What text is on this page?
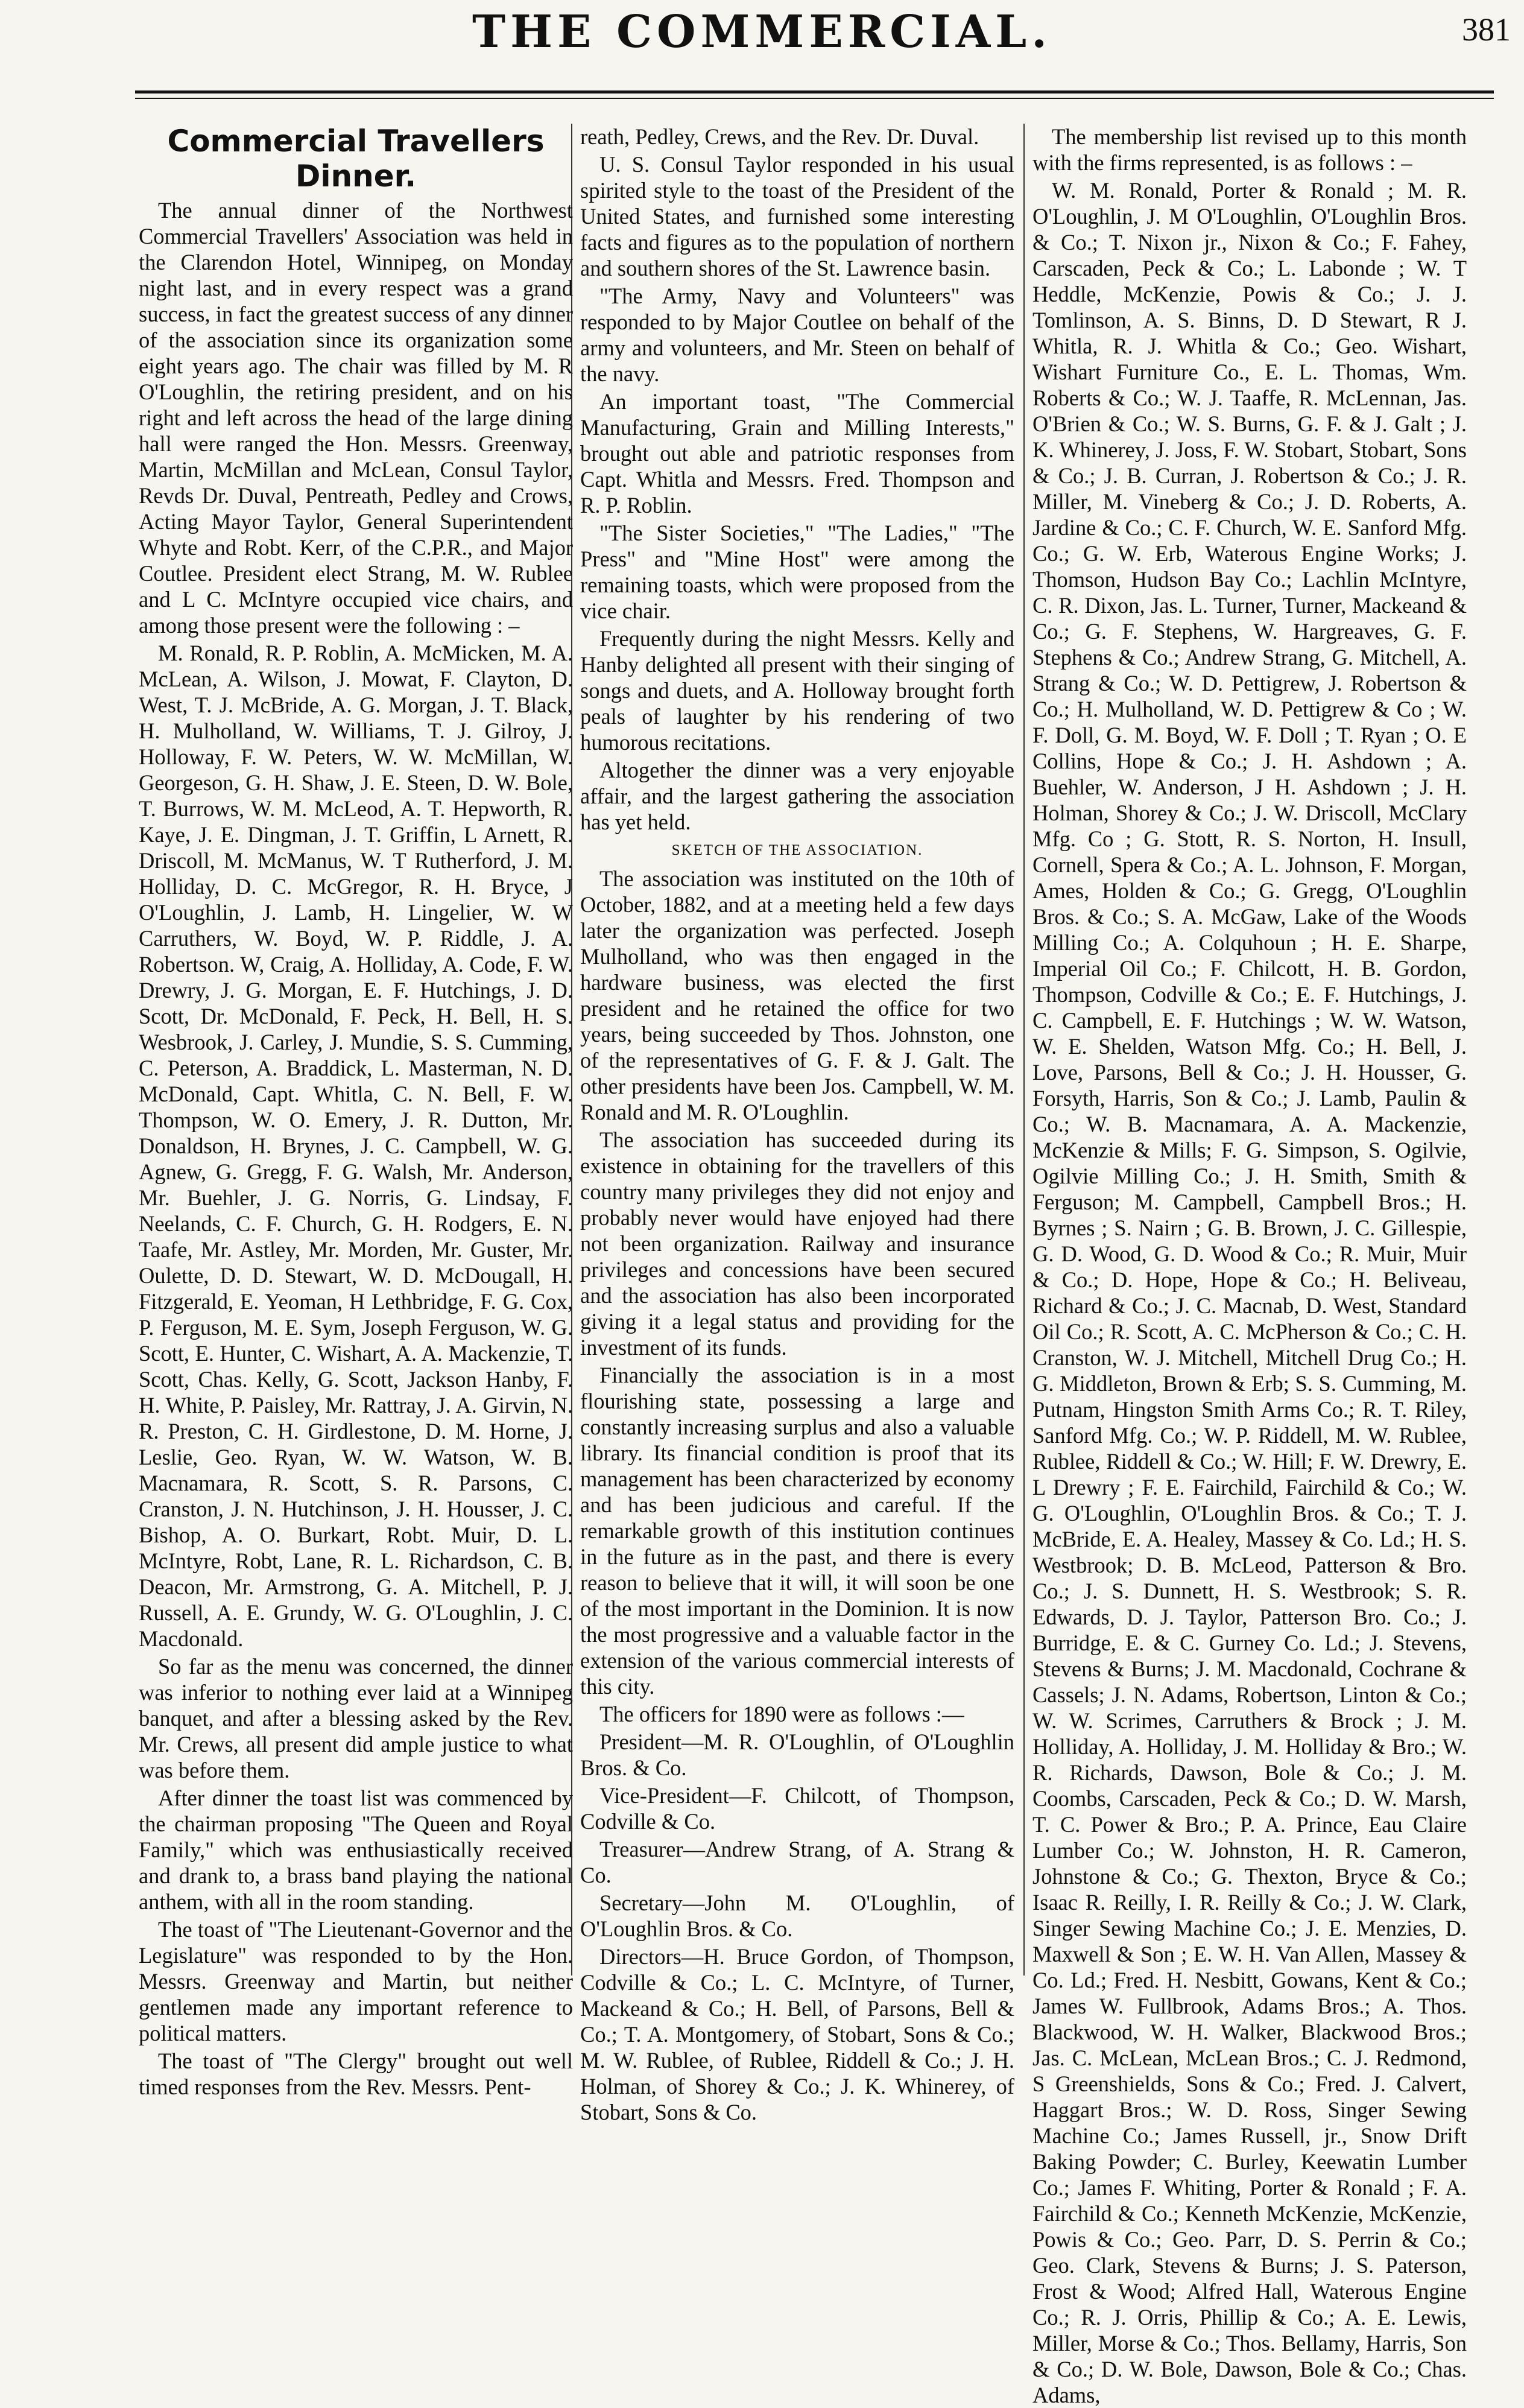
THE COMMERCIAL.	381
Commercial Travellers Dinner.

The annual dinner of the Northwest Commercial Travellers' Association was held in the Clarendon Hotel, Winnipeg, on Monday night last, and in every respect was a grand success, in fact the greatest success of any dinner of the association since its organization some eight years ago. The chair was filled by M. R O'Loughlin, the retiring president, and on his right and left across the head of the large dining hall were ranged the Hon. Messrs. Greenway, Martin, McMillan and McLean, Consul Taylor, Revds Dr. Duval, Pentreath, Pedley and Crows, Acting Mayor Taylor, General Superintendent Whyte and Robt. Kerr, of the C.P.R., and Major Coutlee. President elect Strang, M. W. Rublee and L C. McIntyre occupied vice chairs, and among those present were the following : –

M. Ronald, R. P. Roblin, A. McMicken, M. A. McLean, A. Wilson, J. Mowat, F. Clayton, D. West, T. J. McBride, A. G. Morgan, J. T. Black, H. Mulholland, W. Williams, T. J. Gilroy, J. Holloway, F. W. Peters, W. W. McMillan, W. Georgeson, G. H. Shaw, J. E. Steen, D. W. Bole, T. Burrows, W. M. McLeod, A. T. Hepworth, R. Kaye, J. E. Dingman, J. T. Griffin, L Arnett, R. Driscoll, M. McManus, W. T Rutherford, J. M. Holliday, D. C. McGregor, R. H. Bryce, J O'Loughlin, J. Lamb, H. Lingelier, W. W Carruthers, W. Boyd, W. P. Riddle, J. A. Robertson. W, Craig, A. Holliday, A. Code, F. W. Drewry, J. G. Morgan, E. F. Hutchings, J. D. Scott, Dr. McDonald, F. Peck, H. Bell, H. S. Wesbrook, J. Carley, J. Mundie, S. S. Cumming, C. Peterson, A. Braddick, L. Masterman, N. D. McDonald, Capt. Whitla, C. N. Bell, F. W. Thompson, W. O. Emery, J. R. Dutton, Mr. Donaldson, H. Brynes, J. C. Campbell, W. G. Agnew, G. Gregg, F. G. Walsh, Mr. Anderson, Mr. Buehler, J. G. Norris, G. Lindsay, F. Neelands, C. F. Church, G. H. Rodgers, E. N. Taafe, Mr. Astley, Mr. Morden, Mr. Guster, Mr. Oulette, D. D. Stewart, W. D. McDougall, H. Fitzgerald, E. Yeoman, H Lethbridge, F. G. Cox, P. Ferguson, M. E. Sym, Joseph Ferguson, W. G. Scott, E. Hunter, C. Wishart, A. A. Mackenzie, T. Scott, Chas. Kelly, G. Scott, Jackson Hanby, F. H. White, P. Paisley, Mr. Rattray, J. A. Girvin, N. R. Preston, C. H. Girdlestone, D. M. Horne, J. Leslie, Geo. Ryan, W. W. Watson, W. B. Macnamara, R. Scott, S. R. Parsons, C. Cranston, J. N. Hutchinson, J. H. Housser, J. C. Bishop, A. O. Burkart, Robt. Muir, D. L. McIntyre, Robt, Lane, R. L. Richardson, C. B. Deacon, Mr. Armstrong, G. A. Mitchell, P. J. Russell, A. E. Grundy, W. G. O'Loughlin, J. C. Macdonald.

So far as the menu was concerned, the dinner was inferior to nothing ever laid at a Winnipeg banquet, and after a blessing asked by the Rev. Mr. Crews, all present did ample justice to what was before them.

After dinner the toast list was commenced by the chairman proposing "The Queen and Royal Family," which was enthusiastically received and drank to, a brass band playing the national anthem, with all in the room standing.

The toast of "The Lieutenant-Governor and the Legislature" was responded to by the Hon. Messrs. Greenway and Martin, but neither gentlemen made any important reference to political matters.

The toast of "The Clergy" brought out well timed responses from the Rev. Messrs. Pent-

reath, Pedley, Crews, and the Rev. Dr. Duval.

U. S. Consul Taylor responded in his usual spirited style to the toast of the President of the United States, and furnished some interesting facts and figures as to the population of northern and southern shores of the St. Lawrence basin.

"The Army, Navy and Volunteers" was responded to by Major Coutlee on behalf of the army and volunteers, and Mr. Steen on behalf of the navy.

An important toast, "The Commercial Manufacturing, Grain and Milling Interests," brought out able and patriotic responses from Capt. Whitla and Messrs. Fred. Thompson and R. P. Roblin.

"The Sister Societies," "The Ladies," "The Press" and "Mine Host" were among the remaining toasts, which were proposed from the vice chair.

Frequently during the night Messrs. Kelly and Hanby delighted all present with their singing of songs and duets, and A. Holloway brought forth peals of laughter by his rendering of two humorous recitations.

Altogether the dinner was a very enjoyable affair, and the largest gathering the association has yet held.

SKETCH OF THE ASSOCIATION.

The association was instituted on the 10th of October, 1882, and at a meeting held a few days later the organization was perfected. Joseph Mulholland, who was then engaged in the hardware business, was elected the first president and he retained the office for two years, being succeeded by Thos. Johnston, one of the representatives of G. F. & J. Galt. The other presidents have been Jos. Campbell, W. M. Ronald and M. R. O'Loughlin.

The association has succeeded during its existence in obtaining for the travellers of this country many privileges they did not enjoy and probably never would have enjoyed had there not been organization. Railway and insurance privileges and concessions have been secured and the association has also been incorporated giving it a legal status and providing for the investment of its funds.

Financially the association is in a most flourishing state, possessing a large and constantly increasing surplus and also a valuable library. Its financial condition is proof that its management has been characterized by economy and has been judicious and careful. If the remarkable growth of this institution continues in the future as in the past, and there is every reason to believe that it will, it will soon be one of the most important in the Dominion. It is now the most progressive and a valuable factor in the extension of the various commercial interests of this city.

The officers for 1890 were as follows :—

President—M. R. O'Loughlin, of O'Loughlin Bros. & Co.

Vice-President—F. Chilcott, of Thompson, Codville & Co.

Treasurer—Andrew Strang, of A. Strang & Co.

Secretary—John M. O'Loughlin, of O'Loughlin Bros. & Co.

Directors—H. Bruce Gordon, of Thompson, Codville & Co.; L. C. McIntyre, of Turner, Mackeand & Co.; H. Bell, of Parsons, Bell & Co.; T. A. Montgomery, of Stobart, Sons & Co.; M. W. Rublee, of Rublee, Riddell & Co.; J. H. Holman, of Shorey & Co.; J. K. Whinerey, of Stobart, Sons & Co.

The membership list revised up to this month with the firms represented, is as follows : –

W. M. Ronald, Porter & Ronald ; M. R. O'Loughlin, J. M O'Loughlin, O'Loughlin Bros. & Co.; T. Nixon jr., Nixon & Co.; F. Fahey, Carscaden, Peck & Co.; L. Labonde ; W. T Heddle, McKenzie, Powis & Co.; J. J. Tomlinson, A. S. Binns, D. D Stewart, R J. Whitla, R. J. Whitla & Co.; Geo. Wishart, Wishart Furniture Co., E. L. Thomas, Wm. Roberts & Co.; W. J. Taaffe, R. McLennan, Jas. O'Brien & Co.; W. S. Burns, G. F. & J. Galt ; J. K. Whinerey, J. Joss, F. W. Stobart, Stobart, Sons & Co.; J. B. Curran, J. Robertson & Co.; J. R. Miller, M. Vineberg & Co.; J. D. Roberts, A. Jardine & Co.; C. F. Church, W. E. Sanford Mfg. Co.; G. W. Erb, Waterous Engine Works; J. Thomson, Hudson Bay Co.; Lachlin McIntyre, C. R. Dixon, Jas. L. Turner, Turner, Mackeand & Co.; G. F. Stephens, W. Hargreaves, G. F. Stephens & Co.; Andrew Strang, G. Mitchell, A. Strang & Co.; W. D. Pettigrew, J. Robertson & Co.; H. Mulholland, W. D. Pettigrew & Co ; W. F. Doll, G. M. Boyd, W. F. Doll ; T. Ryan ; O. E Collins, Hope & Co.; J. H. Ashdown ; A. Buehler, W. Anderson, J H. Ashdown ; J. H. Holman, Shorey & Co.; J. W. Driscoll, McClary Mfg. Co ; G. Stott, R. S. Norton, H. Insull, Cornell, Spera & Co.; A. L. Johnson, F. Morgan, Ames, Holden & Co.; G. Gregg, O'Loughlin Bros. & Co.; S. A. McGaw, Lake of the Woods Milling Co.; A. Colquhoun ; H. E. Sharpe, Imperial Oil Co.; F. Chilcott, H. B. Gordon, Thompson, Codville & Co.; E. F. Hutchings, J. C. Campbell, E. F. Hutchings ; W. W. Watson, W. E. Shelden, Watson Mfg. Co.; H. Bell, J. Love, Parsons, Bell & Co.; J. H. Housser, G. Forsyth, Harris, Son & Co.; J. Lamb, Paulin & Co.; W. B. Macnamara, A. A. Mackenzie, McKenzie & Mills; F. G. Simpson, S. Ogilvie, Ogilvie Milling Co.; J. H. Smith, Smith & Ferguson; M. Campbell, Campbell Bros.; H. Byrnes ; S. Nairn ; G. B. Brown, J. C. Gillespie, G. D. Wood, G. D. Wood & Co.; R. Muir, Muir & Co.; D. Hope, Hope & Co.; H. Beliveau, Richard & Co.; J. C. Macnab, D. West, Standard Oil Co.; R. Scott, A. C. McPherson & Co.; C. H. Cranston, W. J. Mitchell, Mitchell Drug Co.; H. G. Middleton, Brown & Erb; S. S. Cumming, M. Putnam, Hingston Smith Arms Co.; R. T. Riley, Sanford Mfg. Co.; W. P. Riddell, M. W. Rublee, Rublee, Riddell & Co.; W. Hill; F. W. Drewry, E. L Drewry ; F. E. Fairchild, Fairchild & Co.; W. G. O'Loughlin, O'Loughlin Bros. & Co.; T. J. McBride, E. A. Healey, Massey & Co. Ld.; H. S. Westbrook; D. B. McLeod, Patterson & Bro. Co.; J. S. Dunnett, H. S. Westbrook; S. R. Edwards, D. J. Taylor, Patterson Bro. Co.; J. Burridge, E. & C. Gurney Co. Ld.; J. Stevens, Stevens & Burns; J. M. Macdonald, Cochrane & Cassels; J. N. Adams, Robertson, Linton & Co.; W. W. Scrimes, Carruthers & Brock ; J. M. Holliday, A. Holliday, J. M. Holliday & Bro.; W. R. Richards, Dawson, Bole & Co.; J. M. Coombs, Carscaden, Peck & Co.; D. W. Marsh, T. C. Power & Bro.; P. A. Prince, Eau Claire Lumber Co.; W. Johnston, H. R. Cameron, Johnstone & Co.; G. Thexton, Bryce & Co.; Isaac R. Reilly, I. R. Reilly & Co.; J. W. Clark, Singer Sewing Machine Co.; J. E. Menzies, D. Maxwell & Son ; E. W. H. Van Allen, Massey & Co. Ld.; Fred. H. Nesbitt, Gowans, Kent & Co.; James W. Fullbrook, Adams Bros.; A. Thos. Blackwood, W. H. Walker, Blackwood Bros.; Jas. C. McLean, McLean Bros.; C. J. Redmond, S Greenshields, Sons & Co.; Fred. J. Calvert, Haggart Bros.; W. D. Ross, Singer Sewing Machine Co.; James Russell, jr., Snow Drift Baking Powder; C. Burley, Keewatin Lumber Co.; James F. Whiting, Porter & Ronald ; F. A. Fairchild & Co.; Kenneth McKenzie, McKenzie, Powis & Co.; Geo. Parr, D. S. Perrin & Co.; Geo. Clark, Stevens & Burns; J. S. Paterson, Frost & Wood; Alfred Hall, Waterous Engine Co.; R. J. Orris, Phillip & Co.; A. E. Lewis, Miller, Morse & Co.; Thos. Bellamy, Harris, Son & Co.; D. W. Bole, Dawson, Bole & Co.; Chas. Adams,
